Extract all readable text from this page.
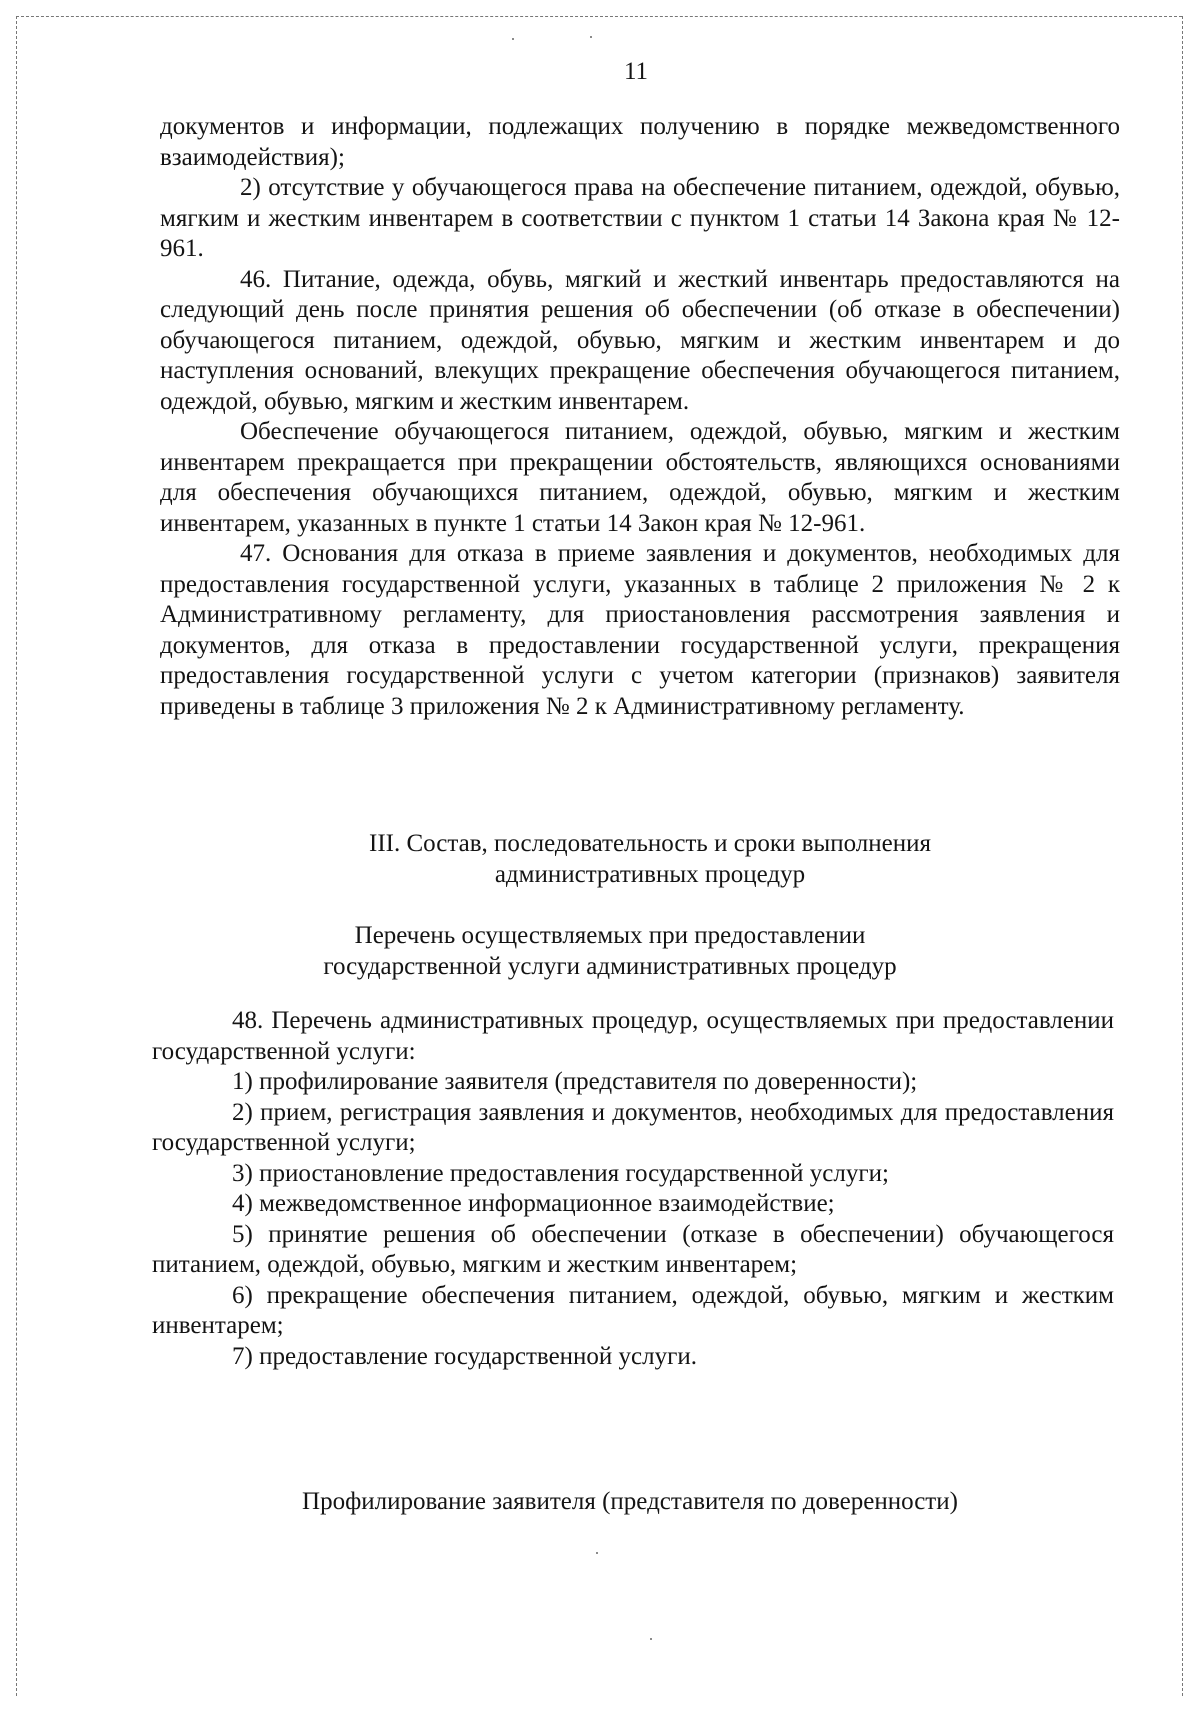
11

документов и информации, подлежащих получению в порядке межведомственного взаимодействия);

2) отсутствие у обучающегося права на обеспечение питанием, одеждой, обувью, мягким и жестким инвентарем в соответствии с пунктом 1 статьи 14 Закона края № 12-961.

46. Питание, одежда, обувь, мягкий и жесткий инвентарь предоставляются на следующий день после принятия решения об обеспечении (об отказе в обеспечении) обучающегося питанием, одеждой, обувью, мягким и жестким инвентарем и до наступления оснований, влекущих прекращение обеспечения обучающегося питанием, одеждой, обувью, мягким и жестким инвентарем.

Обеспечение обучающегося питанием, одеждой, обувью, мягким и жестким инвентарем прекращается при прекращении обстоятельств, являющихся основаниями для обеспечения обучающихся питанием, одеждой, обувью, мягким и жестким инвентарем, указанных в пункте 1 статьи 14 Закон края № 12-961.

47. Основания для отказа в приеме заявления и документов, необходимых для предоставления государственной услуги, указанных в таблице 2 приложения № 2 к Административному регламенту, для приостановления рассмотрения заявления и документов, для отказа в предоставлении государственной услуги, прекращения предоставления государственной услуги с учетом категории (признаков) заявителя приведены в таблице 3 приложения № 2 к Административному регламенту.

III. Состав, последовательность и сроки выполнения
административных процедур
Перечень осуществляемых при предоставлении
государственной услуги административных процедур

48. Перечень административных процедур, осуществляемых при предоставлении государственной услуги:

1) профилирование заявителя (представителя по доверенности);

2) прием, регистрация заявления и документов, необходимых для предоставления государственной услуги;

3) приостановление предоставления государственной услуги;

4) межведомственное информационное взаимодействие;

5) принятие решения об обеспечении (отказе в обеспечении) обучающегося питанием, одеждой, обувью, мягким и жестким инвентарем;

6) прекращение обеспечения питанием, одеждой, обувью, мягким и жестким инвентарем;

7) предоставление государственной услуги.

Профилирование заявителя (представителя по доверенности)
